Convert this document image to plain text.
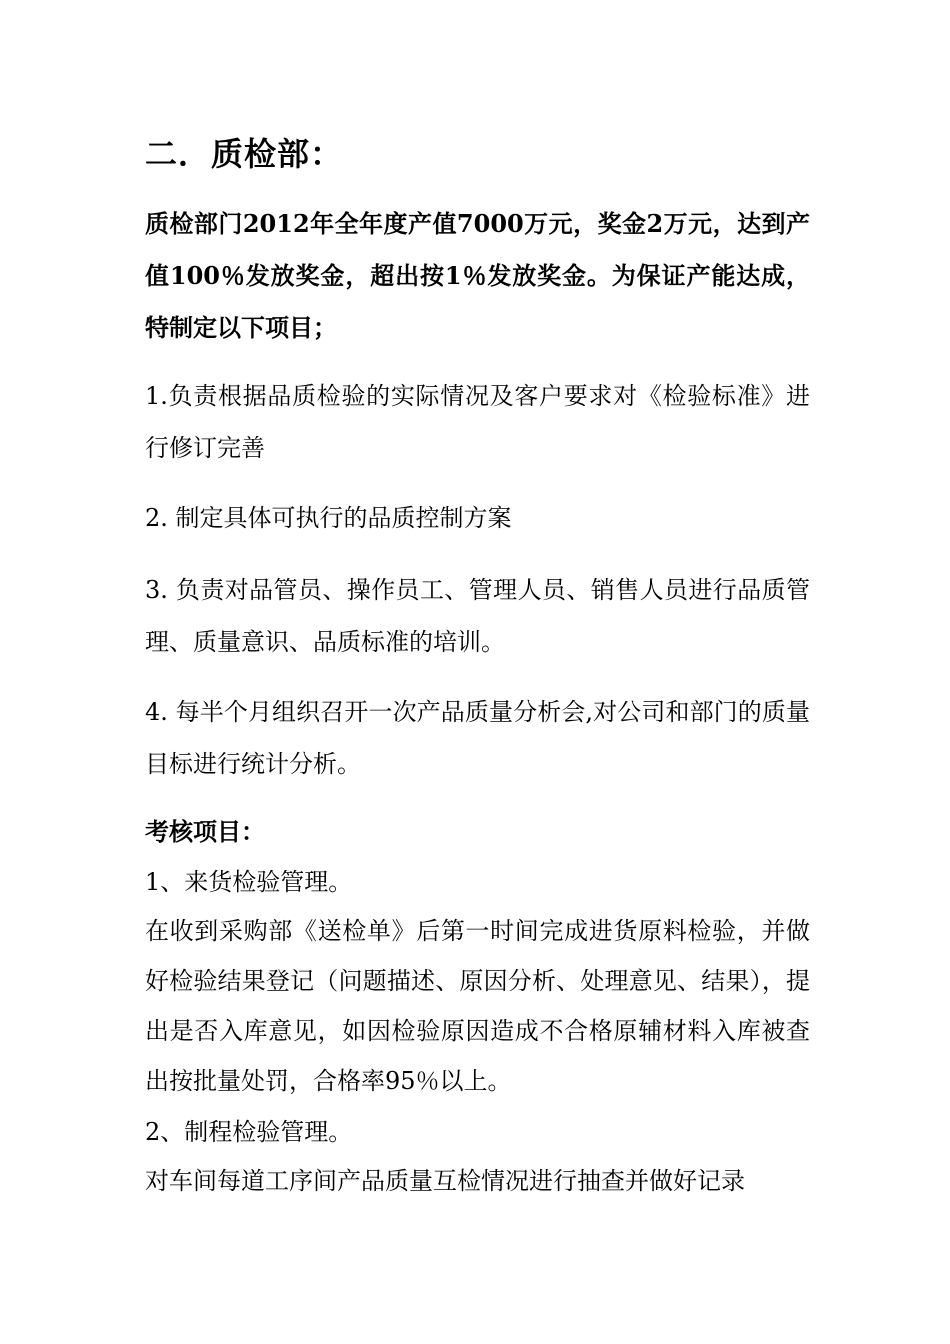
二．质检部：
质检部门2012年全年度产值7000万元，奖金2万元，达到产值100％发放奖金，超出按1％发放奖金。为保证产能达成，特制定以下项目；
1.负责根据品质检验的实际情况及客户要求对《检验标准》进行修订完善
2. 制定具体可执行的品质控制方案
3. 负责对品管员、操作员工、管理人员、销售人员进行品质管理、质量意识、品质标准的培训。
4. 每半个月组织召开一次产品质量分析会,对公司和部门的质量目标进行统计分析。
考核项目：
1、来货检验管理。
在收到采购部《送检单》后第一时间完成进货原料检验，并做好检验结果登记（问题描述、原因分析、处理意见、结果），提出是否入库意见，如因检验原因造成不合格原辅材料入库被查出按批量处罚，合格率95％以上。
2、制程检验管理。
对车间每道工序间产品质量互检情况进行抽查并做好记录
